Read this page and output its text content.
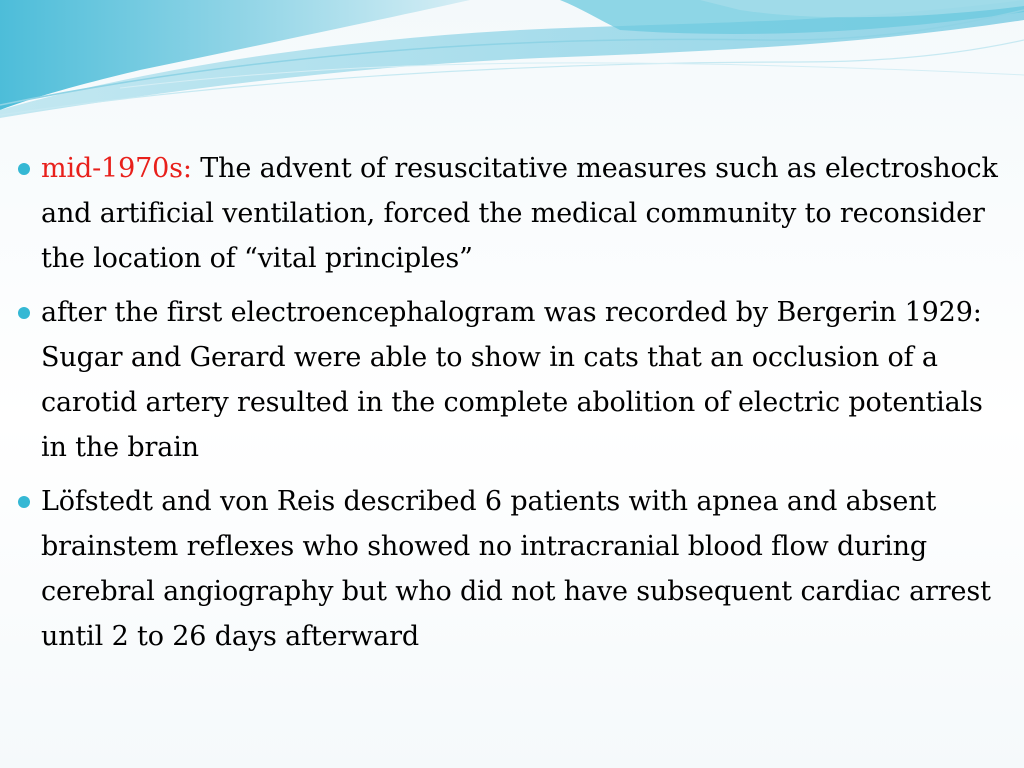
mid-1970s: The advent of resuscitative measures such as electroshock and artificial ventilation, forced the medical community to reconsider the location of “vital principles”
after the first electroencephalogram was recorded by Bergerin 1929: Sugar and Gerard were able to show in cats that an occlusion of a carotid artery resulted in the complete abolition of electric potentials in the brain
Löfstedt and von Reis described 6 patients with apnea and absent brainstem reflexes who showed no intracranial blood flow during cerebral angiography but who did not have subsequent cardiac arrest until 2 to 26 days afterward
